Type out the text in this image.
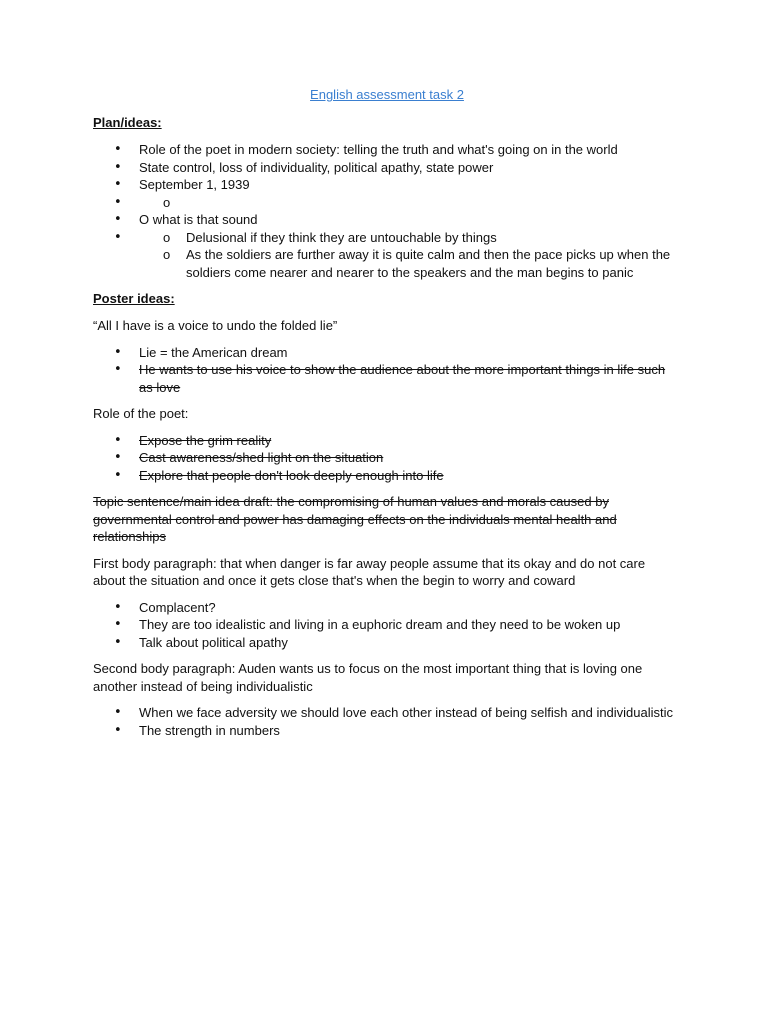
English assessment task 2
Plan/ideas:
• Role of the poet in modern society: telling the truth and what's going on in the world
• State control, loss of individuality, political apathy, state power
• September 1, 1939
•
o
• O what is that sound
o • Delusional if they think they are untouchable by things
o As the soldiers are further away it is quite calm and then the pace picks up when the soldiers come nearer and nearer to the speakers and the man begins to panic
Poster ideas:

“All I have is a voice to undo the folded lie”

• Lie = the American dream
• He wants to use his voice to show the audience about the more important things in life such as love

Role of the poet:

• Expose the grim reality
• Cast awareness/shed light on the situation
• Explore that people don't look deeply enough into life

Topic sentence/main idea draft: the compromising of human values and morals caused by governmental control and power has damaging effects on the individuals mental health and relationships

First body paragraph: that when danger is far away people assume that its okay and do not care about the situation and once it gets close that's when the begin to worry and coward

• Complacent?
• They are too idealistic and living in a euphoric dream and they need to be woken up
• Talk about political apathy

Second body paragraph: Auden wants us to focus on the most important thing that is loving one another instead of being individualistic

• When we face adversity we should love each other instead of being selfish and individualistic
• The strength in numbers
